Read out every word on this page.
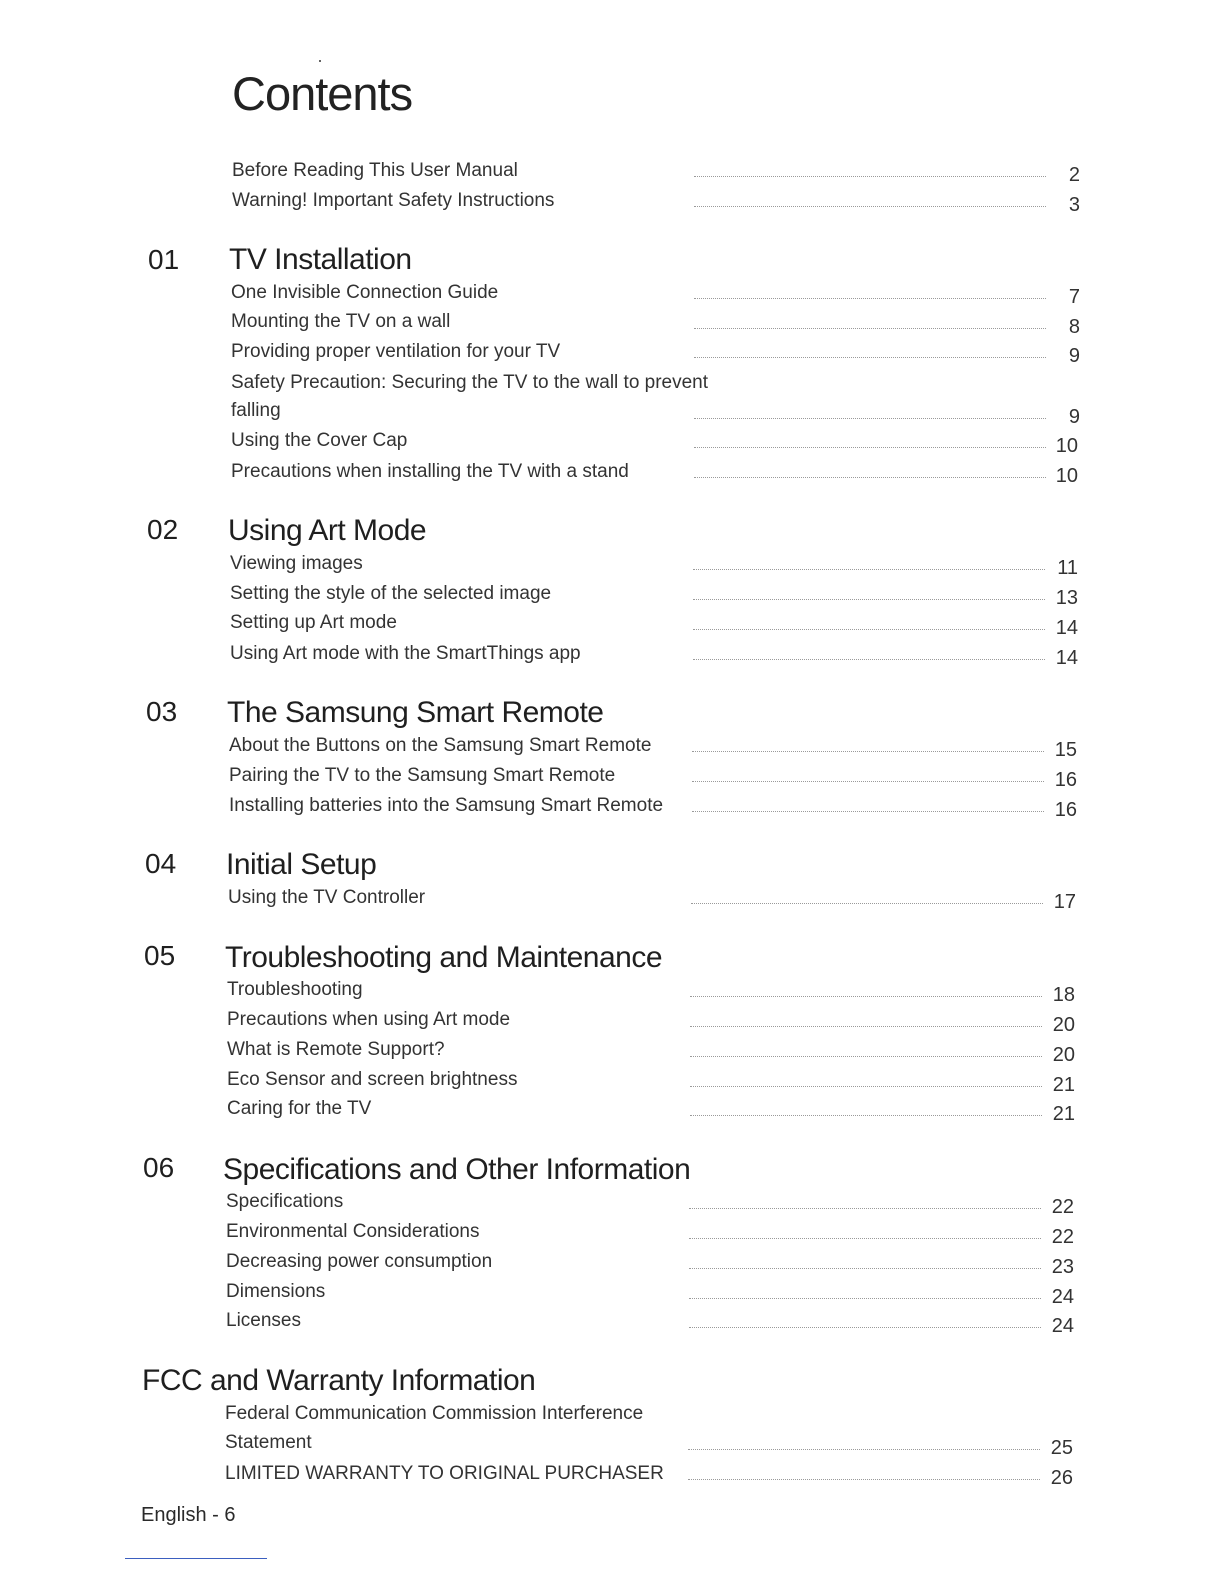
Contents
Before Reading This User Manual	2
Warning! Important Safety Instructions	3
01 TV Installation
One Invisible Connection Guide	7
Mounting the TV on a wall	8
Providing proper ventilation for your TV	9
Safety Precaution: Securing the TV to the wall to prevent
falling	9
Using the Cover Cap	10
Precautions when installing the TV with a stand	10
02 Using Art Mode
Viewing images	11
Setting the style of the selected image	13
Setting up Art mode	14
Using Art mode with the SmartThings app	14
03 The Samsung Smart Remote
About the Buttons on the Samsung Smart Remote	15
Pairing the TV to the Samsung Smart Remote	16
Installing batteries into the Samsung Smart Remote	16
04 Initial Setup
Using the TV Controller	17
05 Troubleshooting and Maintenance
Troubleshooting	18
Precautions when using Art mode	20
What is Remote Support?	20
Eco Sensor and screen brightness	21
Caring for the TV	21
06 Specifications and Other Information
Specifications	22
Environmental Considerations	22
Decreasing power consumption	23
Dimensions	24
Licenses	24
FCC and Warranty Information
Federal Communication Commission Interference
Statement	25
LIMITED WARRANTY TO ORIGINAL PURCHASER	26
English - 6
